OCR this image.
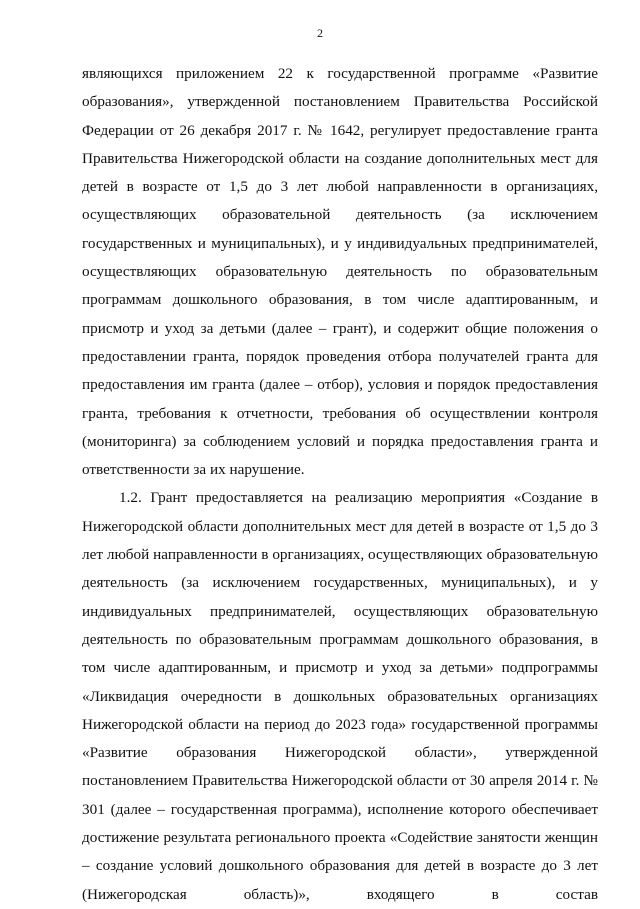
2

являющихся приложением 22 к государственной программе «Развитие образования», утвержденной постановлением Правительства Российской Федерации от 26 декабря 2017 г. № 1642, регулирует предоставление гранта Правительства Нижегородской области на создание дополнительных мест для детей в возрасте от 1,5 до 3 лет любой направленности в организациях, осуществляющих образовательной деятельность (за исключением государственных и муниципальных), и у индивидуальных предпринимателей, осуществляющих образовательную деятельность по образовательным программам дошкольного образования, в том числе адаптированным, и присмотр и уход за детьми (далее – грант), и содержит общие положения о предоставлении гранта, порядок проведения отбора получателей гранта для предоставления им гранта (далее – отбор), условия и порядок предоставления гранта, требования к отчетности, требования об осуществлении контроля (мониторинга) за соблюдением условий и порядка предоставления гранта и ответственности за их нарушение.

1.2. Грант предоставляется на реализацию мероприятия «Создание в Нижегородской области дополнительных мест для детей в возрасте от 1,5 до 3 лет любой направленности в организациях, осуществляющих образовательную деятельность (за исключением государственных, муниципальных), и у индивидуальных предпринимателей, осуществляющих образовательную деятельность по образовательным программам дошкольного образования, в том числе адаптированным, и присмотр и уход за детьми» подпрограммы «Ликвидация очередности в дошкольных образовательных организациях Нижегородской области на период до 2023 года» государственной программы «Развитие образования Нижегородской области», утвержденной постановлением Правительства Нижегородской области от 30 апреля 2014 г. № 301 (далее – государственная программа), исполнение которого обеспечивает достижение результата регионального проекта «Содействие занятости женщин – создание условий дошкольного образования для детей в возрасте до 3 лет (Нижегородская область)», входящего в состав
